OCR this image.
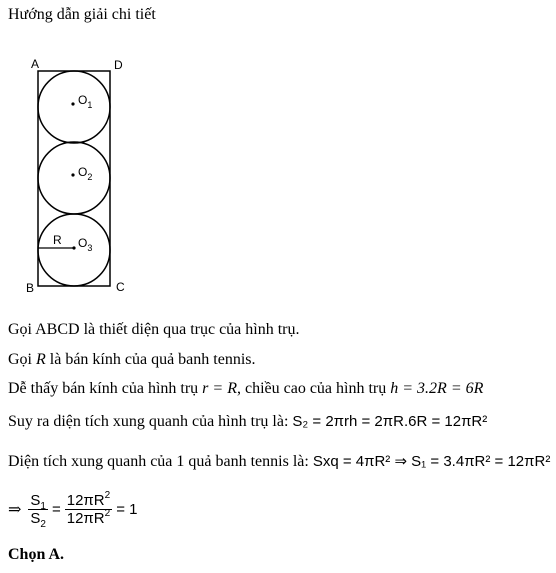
Hướng dẫn giải chi tiết
A	D
B	C
$O_1$
$O_2$
$O_3$
R
Gọi ABCD là thiết diện qua trục của hình trụ.
Gọi R là bán kính của quả banh tennis.
Dễ thấy bán kính của hình trụ r = R, chiều cao của hình trụ h = 3.2R = 6R
Suy ra diện tích xung quanh của hình trụ là: S₂ = 2πrh = 2πR.6R = 12πR²
Diện tích xung quanh của 1 quả banh tennis là: Sxq = 4πR² ⇒ S₁ = 3.4πR² = 12πR²
⇒ $\frac{S_1}{S_2} = \frac{12\pi R^2}{12\pi R^2} = 1$
Chọn A.
